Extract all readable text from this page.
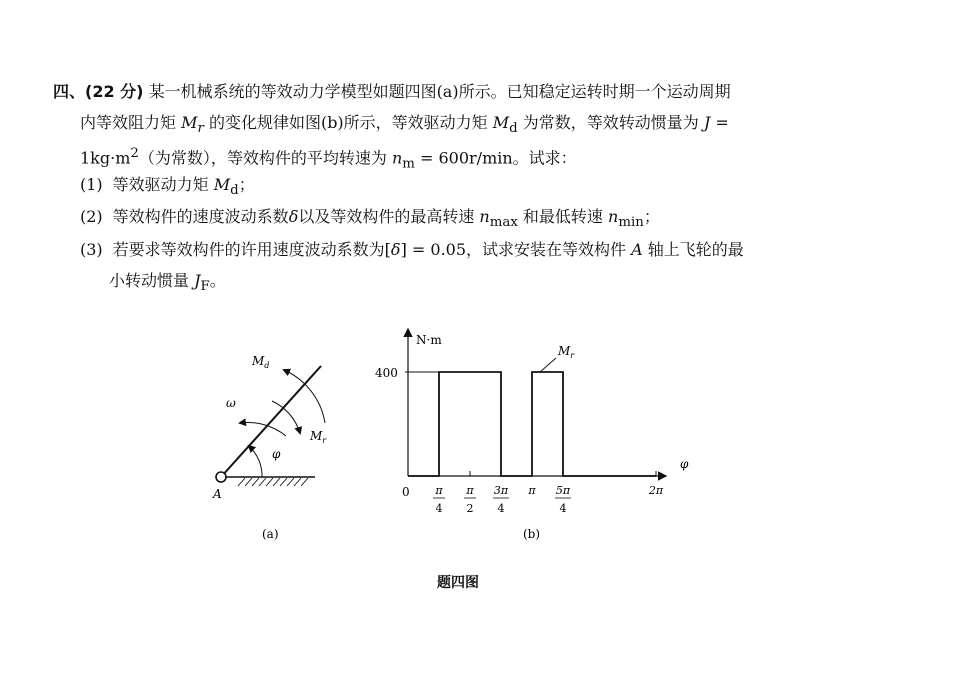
四、(22 分) 某一机械系统的等效动力学模型如题四图(a)所示。已知稳定运转时期一个运动周期
内等效阻力矩 $M_r$ 的变化规律如图(b)所示，等效驱动力矩 $M_d$ 为常数，等效转动惯量为 J =
$1kg\cdot m^2$（为常数），等效构件的平均转速为 $n_m = 600r/\min$。试求：
(1) 等效驱动力矩 $M_d$；
(2) 等效构件的速度波动系数δ以及等效构件的最高转速 $n_{max}$ 和最低转速 $n_{min}$；
(3) 若要求等效构件的许用速度波动系数为[δ] = 0.05，试求安装在等效构件 A 轴上飞轮的最
小转动惯量 $J_F$。
$M_d$
ω
$M_r$
φ
A
(a)
N·m
400
0
φ
$M_r$
π
4
π
2
3π
4
π 5π
4
2π
(b)
题四图
